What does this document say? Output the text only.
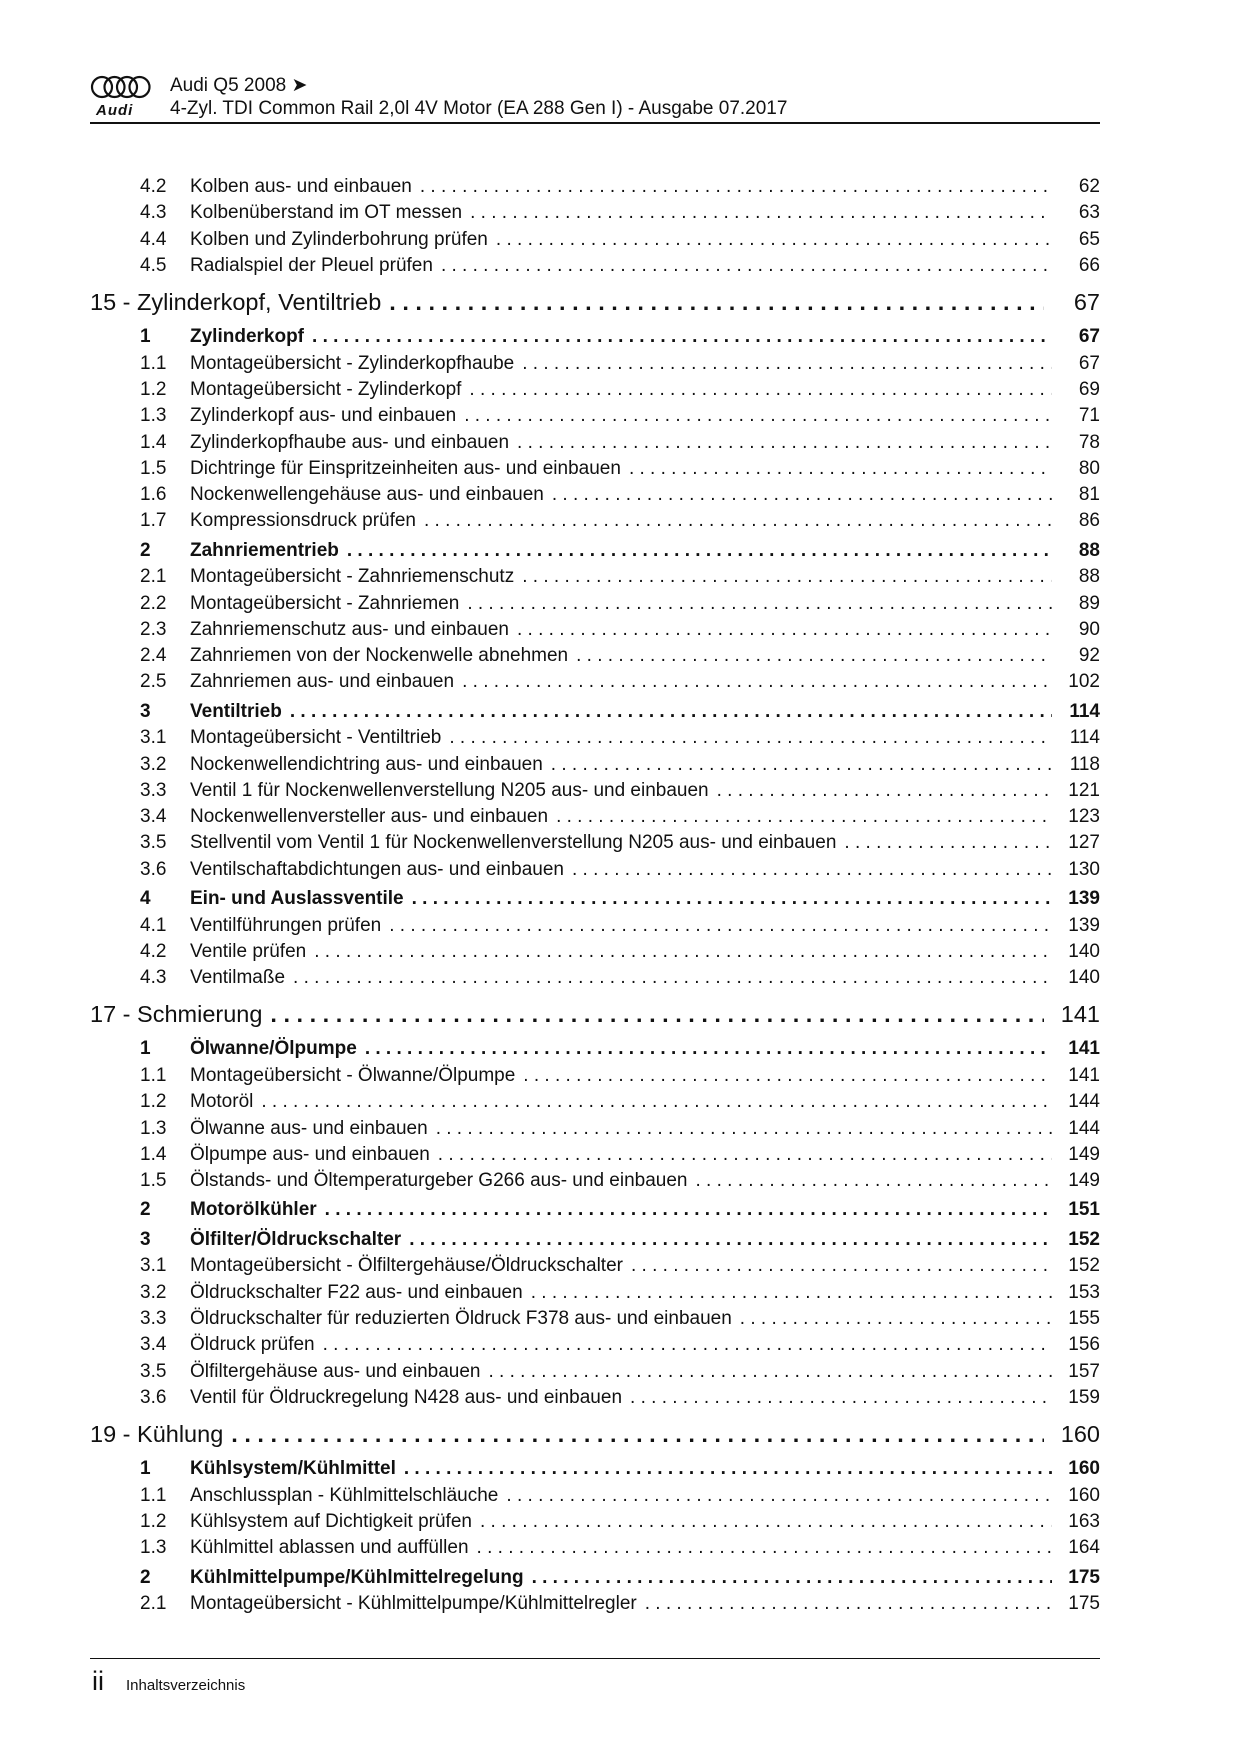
Audi
Audi Q5 2008 ➤
4-Zyl. TDI Common Rail 2,0l 4V Motor (EA 288 Gen I) - Ausgabe 07.2017
4.2	Kolben aus- und einbauen . . .	62
4.3	Kolbenüberstand im OT messen . . .	63
4.4	Kolben und Zylinderbohrung prüfen . . .	65
4.5	Radialspiel der Pleuel prüfen . . .	66
15 - Zylinderkopf, Ventiltrieb . . .	67
1	Zylinderkopf . . .	67
1.1	Montageübersicht - Zylinderkopfhaube . . .	67
1.2	Montageübersicht - Zylinderkopf . . .	69
1.3	Zylinderkopf aus- und einbauen . . .	71
1.4	Zylinderkopfhaube aus- und einbauen . . .	78
1.5	Dichtringe für Einspritzeinheiten aus- und einbauen . . .	80
1.6	Nockenwellengehäuse aus- und einbauen . . .	81
1.7	Kompressionsdruck prüfen . . .	86
2	Zahnriementrieb . . .	88
2.1	Montageübersicht - Zahnriemenschutz . . .	88
2.2	Montageübersicht - Zahnriemen . . .	89
2.3	Zahnriemenschutz aus- und einbauen . . .	90
2.4	Zahnriemen von der Nockenwelle abnehmen . . .	92
2.5	Zahnriemen aus- und einbauen . . .	102
3	Ventiltrieb . . .	114
3.1	Montageübersicht - Ventiltrieb . . .	114
3.2	Nockenwellendichtring aus- und einbauen . . .	118
3.3	Ventil 1 für Nockenwellenverstellung N205 aus- und einbauen . . .	121
3.4	Nockenwellenversteller aus- und einbauen . . .	123
3.5	Stellventil vom Ventil 1 für Nockenwellenverstellung N205 aus- und einbauen . . .	127
3.6	Ventilschaftabdichtungen aus- und einbauen . . .	130
4	Ein- und Auslassventile . . .	139
4.1	Ventilführungen prüfen . . .	139
4.2	Ventile prüfen . . .	140
4.3	Ventilmaße . . .	140
17 - Schmierung . . .	141
1	Ölwanne/Ölpumpe . . .	141
1.1	Montageübersicht - Ölwanne/Ölpumpe . . .	141
1.2	Motoröl . . .	144
1.3	Ölwanne aus- und einbauen . . .	144
1.4	Ölpumpe aus- und einbauen . . .	149
1.5	Ölstands- und Öltemperaturgeber G266 aus- und einbauen . . .	149
2	Motorölkühler . . .	151
3	Ölfilter/Öldruckschalter . . .	152
3.1	Montageübersicht - Ölfiltergehäuse/Öldruckschalter . . .	152
3.2	Öldruckschalter F22 aus- und einbauen . . .	153
3.3	Öldruckschalter für reduzierten Öldruck F378 aus- und einbauen . . .	155
3.4	Öldruck prüfen . . .	156
3.5	Ölfiltergehäuse aus- und einbauen . . .	157
3.6	Ventil für Öldruckregelung N428 aus- und einbauen . . .	159
19 - Kühlung . . .	160
1	Kühlsystem/Kühlmittel . . .	160
1.1	Anschlussplan - Kühlmittelschläuche . . .	160
1.2	Kühlsystem auf Dichtigkeit prüfen . . .	163
1.3	Kühlmittel ablassen und auffüllen . . .	164
2	Kühlmittelpumpe/Kühlmittelregelung . . .	175
2.1	Montageübersicht - Kühlmittelpumpe/Kühlmittelregler . . .	175
ii Inhaltsverzeichnis
